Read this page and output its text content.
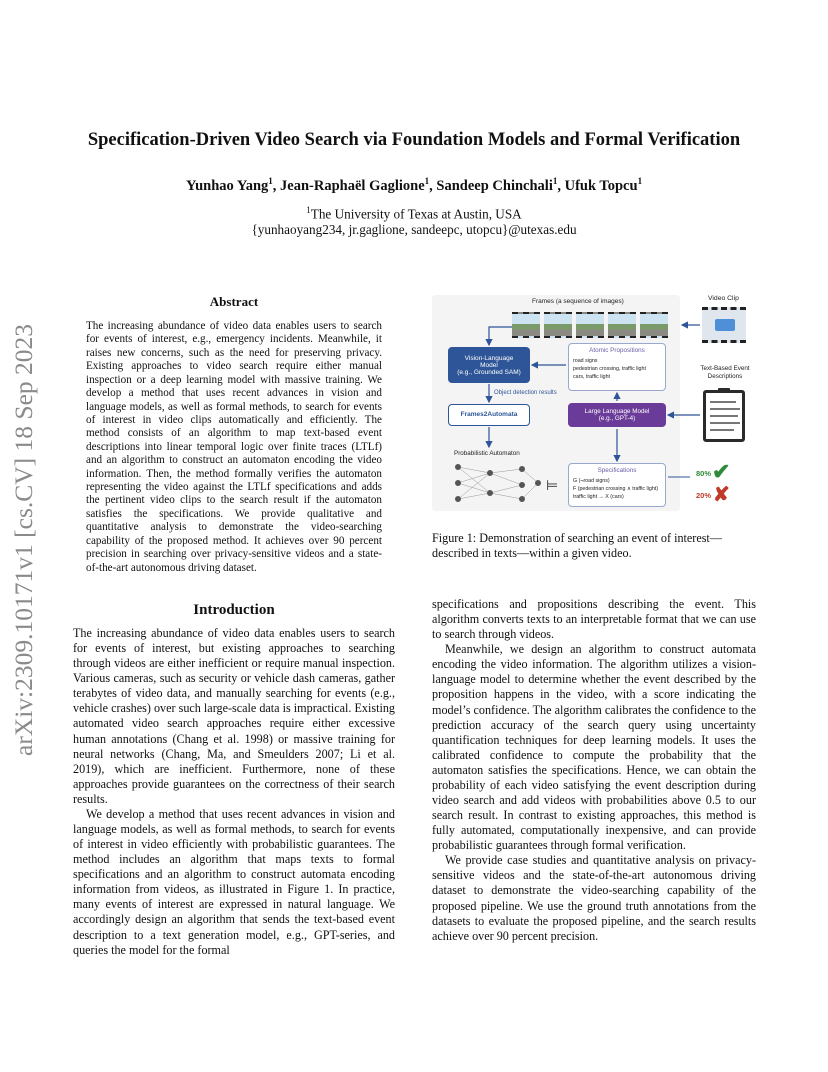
arXiv:2309.10171v1 [cs.CV] 18 Sep 2023
Specification-Driven Video Search via Foundation Models and Formal Verification
Yunhao Yang$^1$, Jean-Raphaël Gaglione$^1$, Sandeep Chinchali$^1$, Ufuk Topcu$^1$
$^1$The University of Texas at Austin, USA
{yunhaoyang234, jr.gaglione, sandeepc, utopcu}@utexas.edu
Abstract
The increasing abundance of video data enables users to search for events of interest, e.g., emergency incidents. Meanwhile, it raises new concerns, such as the need for preserving privacy. Existing approaches to video search require either manual inspection or a deep learning model with massive training. We develop a method that uses recent advances in vision and language models, as well as formal methods, to search for events of interest in video clips automatically and efficiently. The method consists of an algorithm to map text-based event descriptions into linear temporal logic over finite traces (LTLf) and an algorithm to construct an automaton encoding the video information. Then, the method formally verifies the automaton representing the video against the LTLf specifications and adds the pertinent video clips to the search result if the automaton satisfies the specifications. We provide qualitative and quantitative analysis to demonstrate the video-searching capability of the proposed method. It achieves over 90 percent precision in searching over privacy-sensitive videos and a state-of-the-art autonomous driving dataset.
Introduction

The increasing abundance of video data enables users to search for events of interest, but existing approaches to searching through videos are either inefficient or require manual inspection. Various cameras, such as security or vehicle dash cameras, gather terabytes of video data, and manually searching for events (e.g., vehicle crashes) over such large-scale data is impractical. Existing automated video search approaches require either excessive human annotations (Chang et al. 1998) or massive training for neural networks (Chang, Ma, and Smeulders 2007; Li et al. 2019), which are inefficient. Furthermore, none of these approaches provide guarantees on the correctness of their search results.

We develop a method that uses recent advances in vision and language models, as well as formal methods, to search for events of interest in video efficiently with probabilistic guarantees. The method includes an algorithm that maps texts to formal specifications and an algorithm to construct automata encoding information from videos, as illustrated in Figure 1. In practice, many events of interest are expressed in natural language. We accordingly design an algorithm that sends the text-based event description to a text generation model, e.g., GPT-series, and queries the model for the formal

Frames (a sequence of images)
Vision-Language
Model
(e.g., Grounded SAM)
Atomic Propositions
road signs
pedestrian crossing, traffic light
cars, traffic light
Object detection results
Frames2Automata	Large Language Model
(e.g., GPT-4)
Probabilistic Automaton
⊨
Specifications
G (¬road signs)
F (pedestrian crossing ∧ traffic light)
traffic light → X (cars)
Video Clip
Text-Based Event Descriptions
80% ✔
20% ✘
Figure 1: Demonstration of searching an event of interest—described in texts—within a given video.

specifications and propositions describing the event. This algorithm converts texts to an interpretable format that we can use to search through videos.

Meanwhile, we design an algorithm to construct automata encoding the video information. The algorithm utilizes a vision-language model to determine whether the event described by the proposition happens in the video, with a score indicating the model’s confidence. The algorithm calibrates the confidence to the prediction accuracy of the search query using uncertainty quantification techniques for deep learning models. It uses the calibrated confidence to compute the probability that the automaton satisfies the specifications. Hence, we can obtain the probability of each video satisfying the event description during video search and add videos with probabilities above 0.5 to our search result. In contrast to existing approaches, this method is fully automated, computationally inexpensive, and can provide probabilistic guarantees through formal verification.

We provide case studies and quantitative analysis on privacy-sensitive videos and the state-of-the-art autonomous driving dataset to demonstrate the video-searching capability of the proposed pipeline. We use the ground truth annotations from the datasets to evaluate the proposed pipeline, and the search results achieve over 90 percent precision.
